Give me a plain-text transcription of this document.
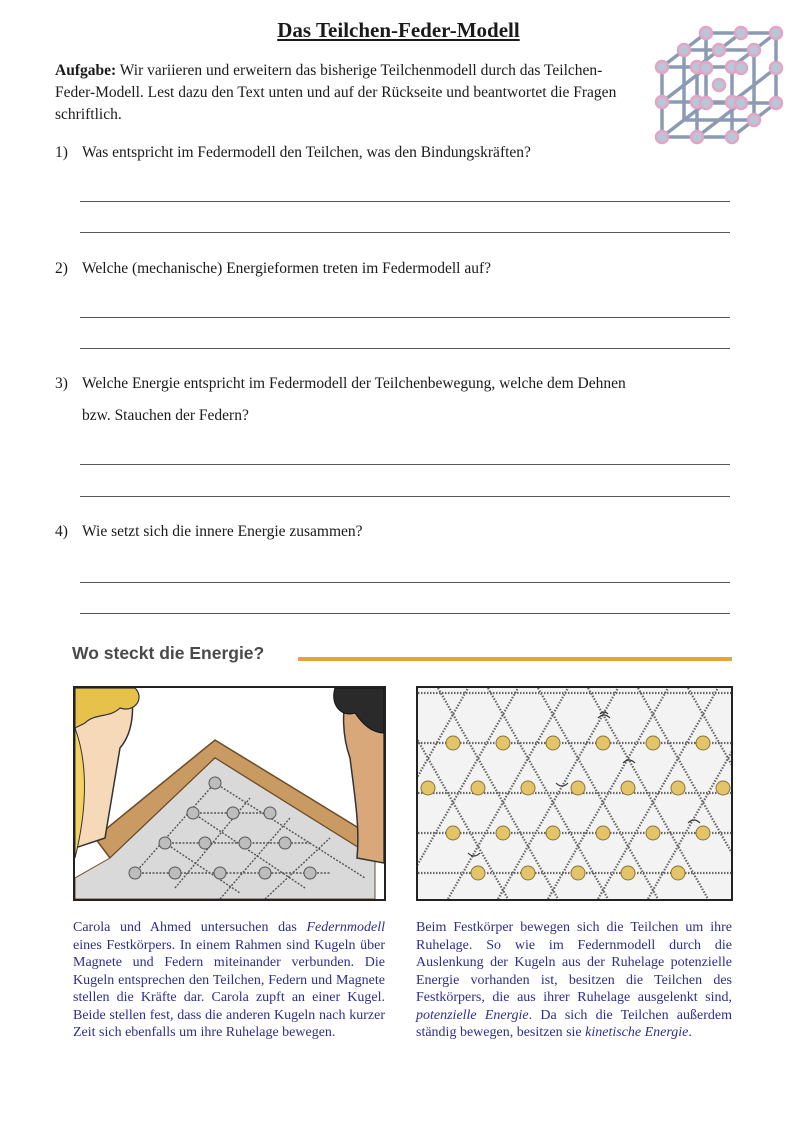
Das Teilchen-Feder-Modell
Aufgabe: Wir variieren und erweitern das bisherige Teilchenmodell durch das Teilchen-Feder-Modell. Lest dazu den Text unten und auf der Rückseite und beantwortet die Fragen schriftlich.
1) Was entspricht im Federmodell den Teilchen, was den Bindungskräften?
2) Welche (mechanische) Energieformen treten im Federmodell auf?
3) Welche Energie entspricht im Federmodell der Teilchenbewegung, welche dem Dehnen
bzw. Stauchen der Federn?
4) Wie setzt sich die innere Energie zusammen?
Wo steckt die Energie?
Carola und Ahmed untersuchen das Federnmodell eines Festkörpers. In einem Rahmen sind Kugeln über Magnete und Federn miteinander verbunden. Die Kugeln entsprechen den Teilchen, Federn und Magnete stellen die Kräfte dar. Carola zupft an einer Kugel. Beide stellen fest, dass die anderen Kugeln nach kurzer Zeit sich ebenfalls um ihre Ruhelage bewegen.
Beim Festkörper bewegen sich die Teilchen um ihre Ruhelage. So wie im Federnmodell durch die Auslenkung der Kugeln aus der Ruhelage potenzielle Energie vorhanden ist, besitzen die Teilchen des Festkörpers, die aus ihrer Ruhelage ausgelenkt sind, potenzielle Energie. Da sich die Teilchen außerdem ständig bewegen, besitzen sie kinetische Energie.
